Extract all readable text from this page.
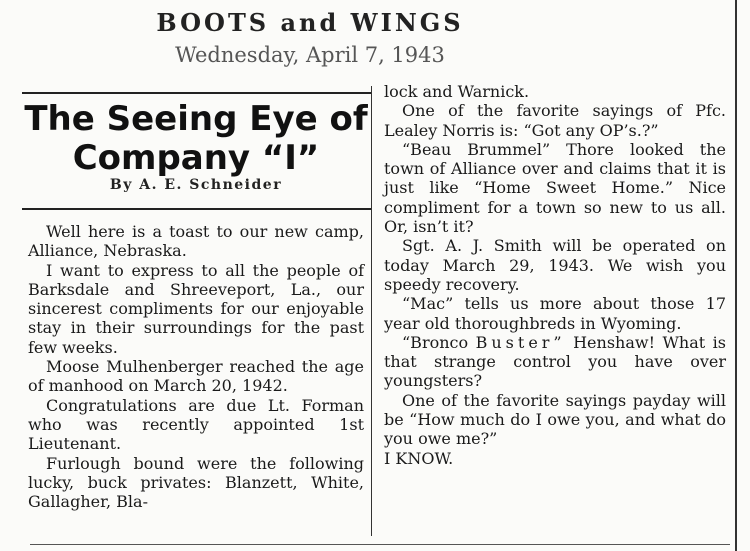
BOOTS and WINGS
Wednesday, April 7, 1943
The Seeing Eye of
Company “I”
By A. E. Schneider

Well here is a toast to our new camp, Alliance, Nebraska.

I want to express to all the people of Barksdale and Shreeveport, La., our sincerest compliments for our enjoyable stay in their surroundings for the past few weeks.

Moose Mulhenberger reached the age of manhood on March 20, 1942.

Congratulations are due Lt. Forman who was recently appointed 1st Lieutenant.

Furlough bound were the following lucky, buck privates: Blanzett, White, Gallagher, Bla-

lock and Warnick.

One of the favorite sayings of Pfc. Lealey Norris is: “Got any OP’s.?”

“Beau Brummel” Thore looked the town of Alliance over and claims that it is just like “Home Sweet Home.” Nice compliment for a town so new to us all. Or, isn’t it?

Sgt. A. J. Smith will be operated on today March 29, 1943. We wish you speedy recovery.

“Mac” tells us more about those 17 year old thoroughbreds in Wyoming.

“Bronco Buster” Henshaw! What is that strange control you have over youngsters?

One of the favorite sayings payday will be “How much do I owe you, and what do you owe me?”

I KNOW.
